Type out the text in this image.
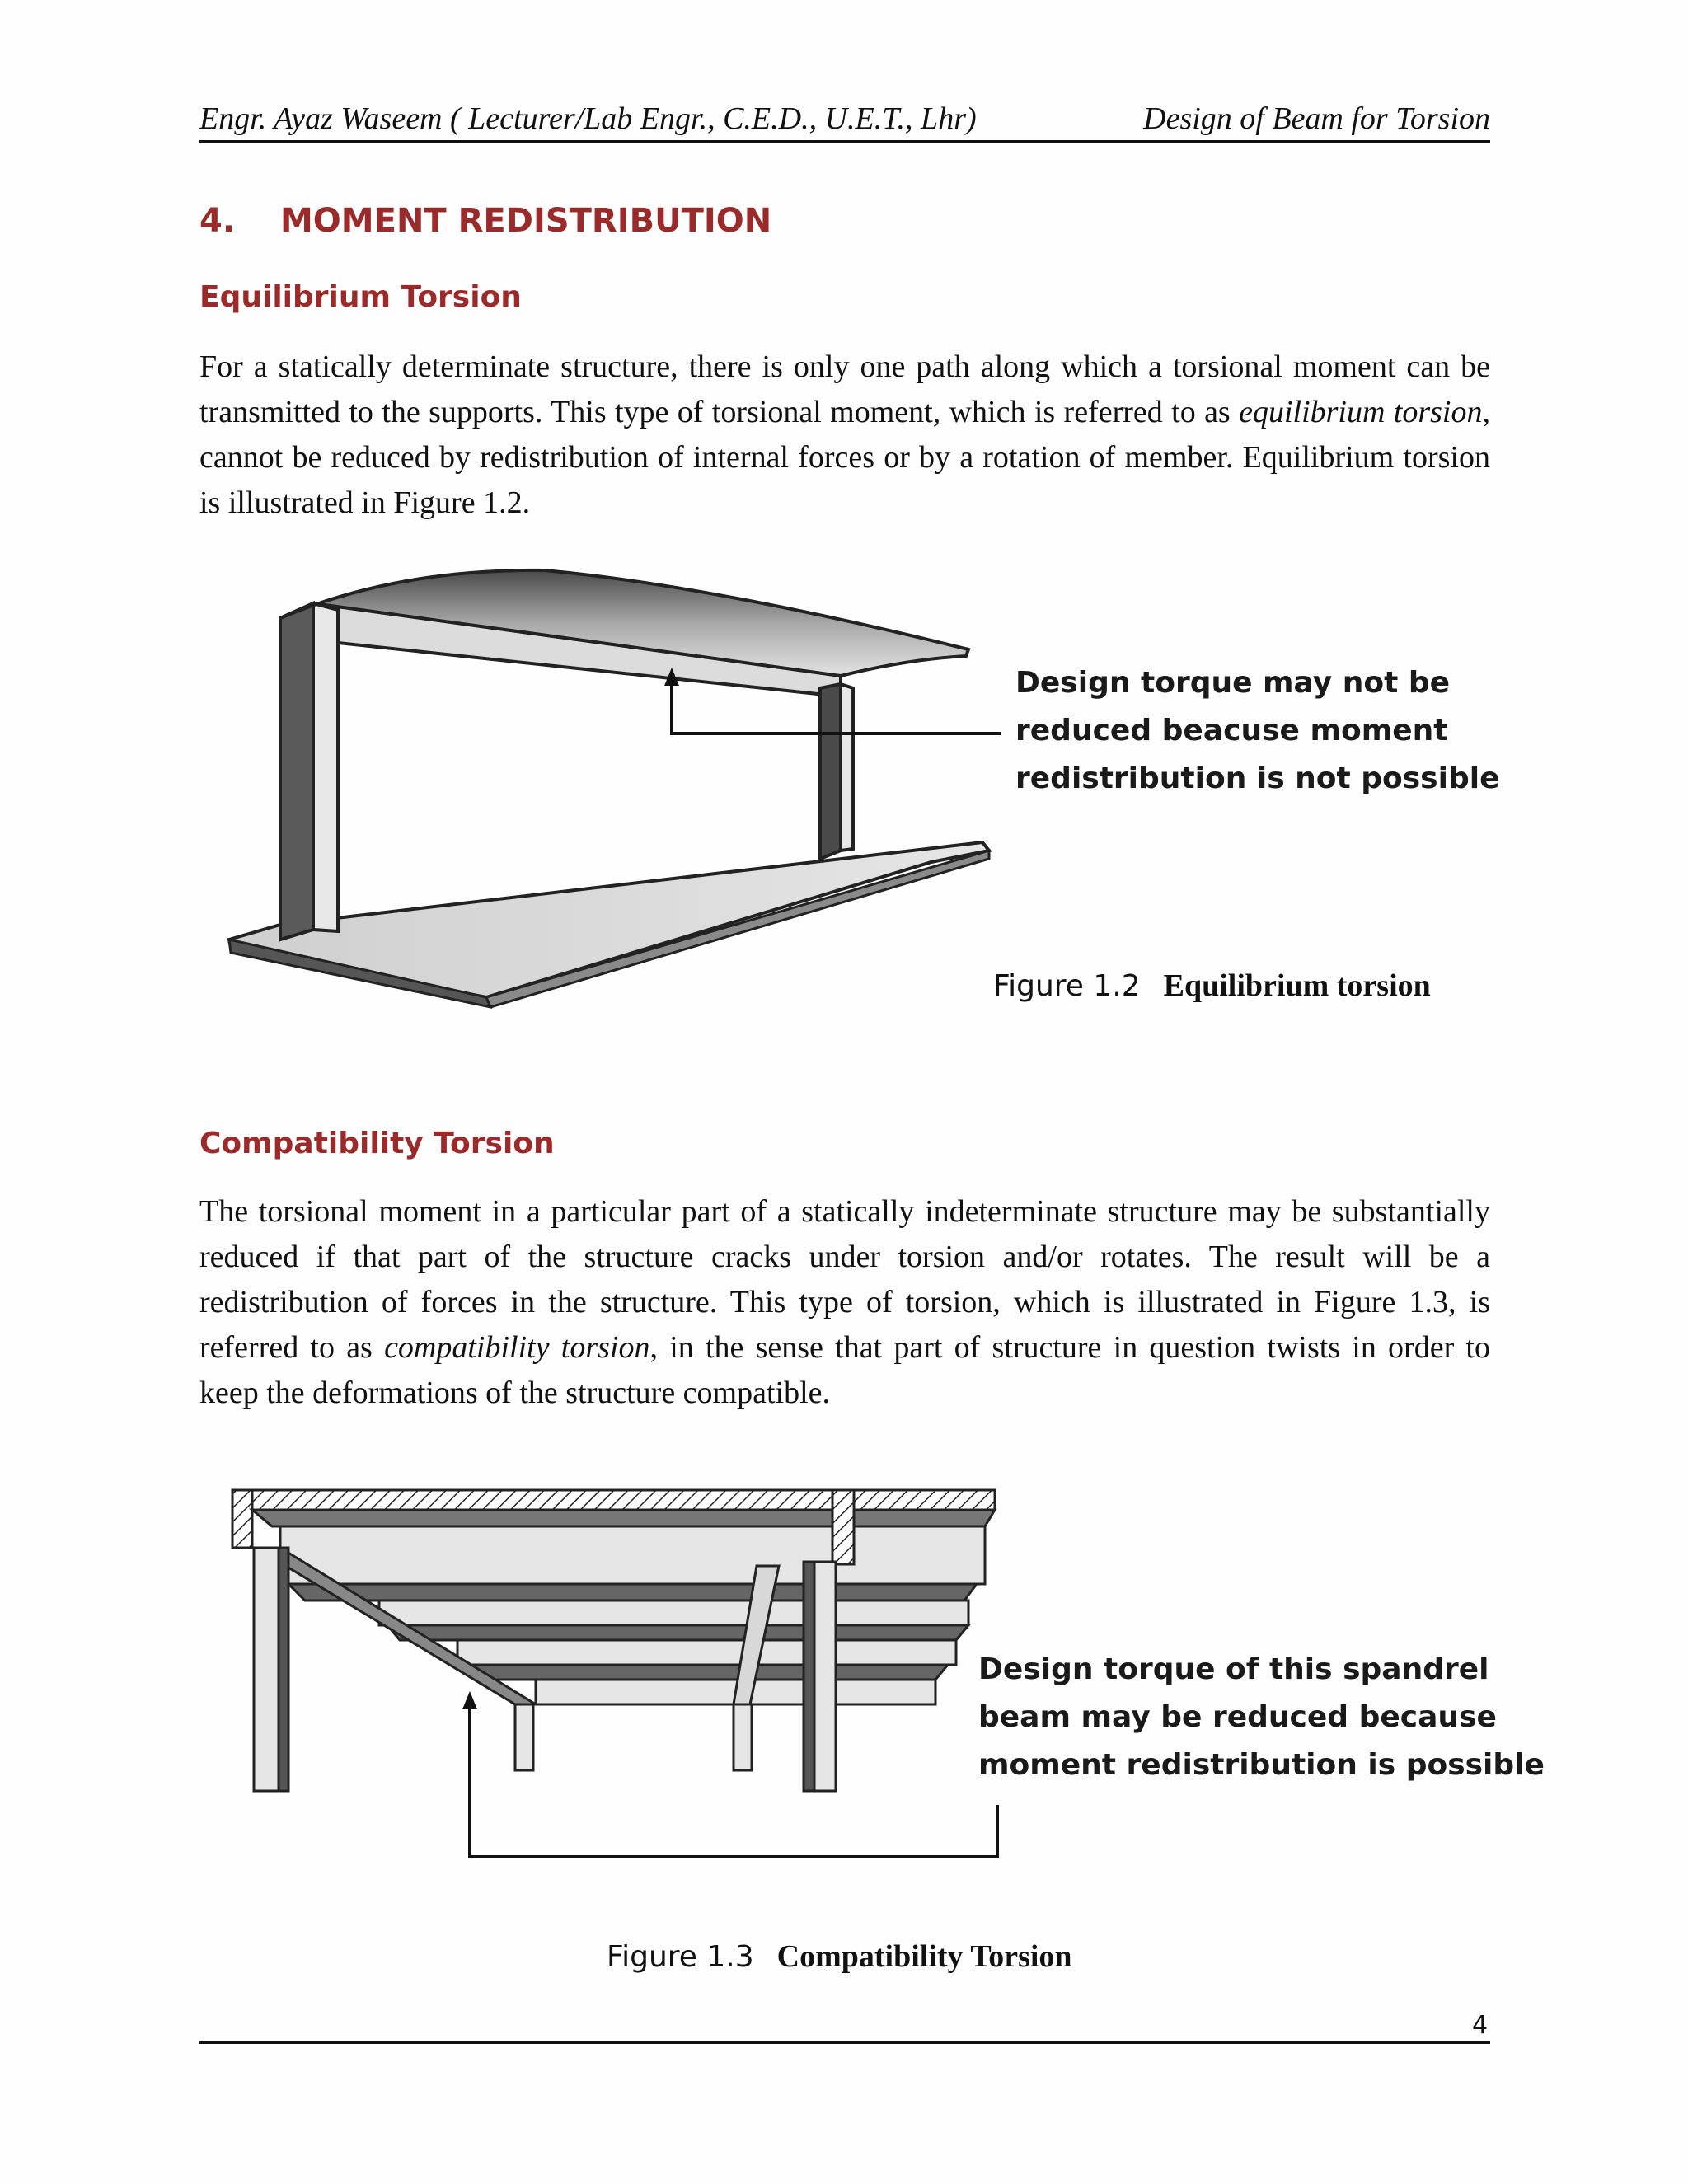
Engr. Ayaz Waseem ( Lecturer/Lab Engr., C.E.D., U.E.T., Lhr)	Design of Beam for Torsion
4. MOMENT REDISTRIBUTION
Equilibrium Torsion
For a statically determinate structure, there is only one path along which a torsional moment can be transmitted to the supports. This type of torsional moment, which is referred to as equilibrium torsion, cannot be reduced by redistribution of internal forces or by a rotation of member. Equilibrium torsion is illustrated in Figure 1.2.
Design torque may not be
reduced beacuse moment
redistribution is not possible
Figure 1.2 Equilibrium torsion
Compatibility Torsion
The torsional moment in a particular part of a statically indeterminate structure may be substantially reduced if that part of the structure cracks under torsion and/or rotates. The result will be a redistribution of forces in the structure. This type of torsion, which is illustrated in Figure 1.3, is referred to as compatibility torsion, in the sense that part of structure in question twists in order to keep the deformations of the structure compatible.
Design torque of this spandrel
beam may be reduced because
moment redistribution is possible
Figure 1.3 Compatibility Torsion
4
